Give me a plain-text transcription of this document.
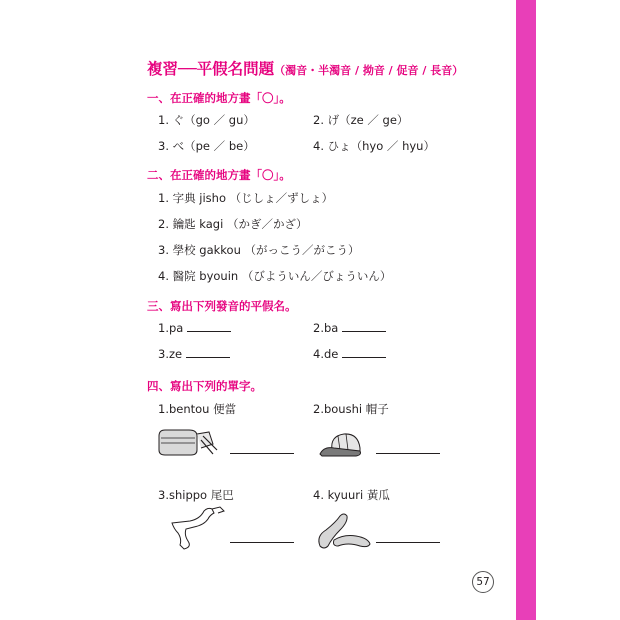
複習──平假名問題（濁音・半濁音 / 拗音 / 促音 / 長音）
一、在正確的地方畫「〇」。
1. ぐ（go ／ gu）	2. げ（ze ／ ge）
3. べ（pe ／ be）	4. ひょ（hyo ／ hyu）
二、在正確的地方畫「〇」。
1. 字典 jisho （じしょ／ずしょ）
2. 鑰匙 kagi （かぎ／かざ）
3. 學校 gakkou （がっこう／がこう）
4. 醫院 byouin （びよういん／びょういん）
三、寫出下列發音的平假名。
1.pa	2.ba
3.ze	4.de
四、寫出下列的單字。
1.bentou 便當	2.boushi 帽子
3.shippo 尾巴	4. kyuuri 黃瓜
57
